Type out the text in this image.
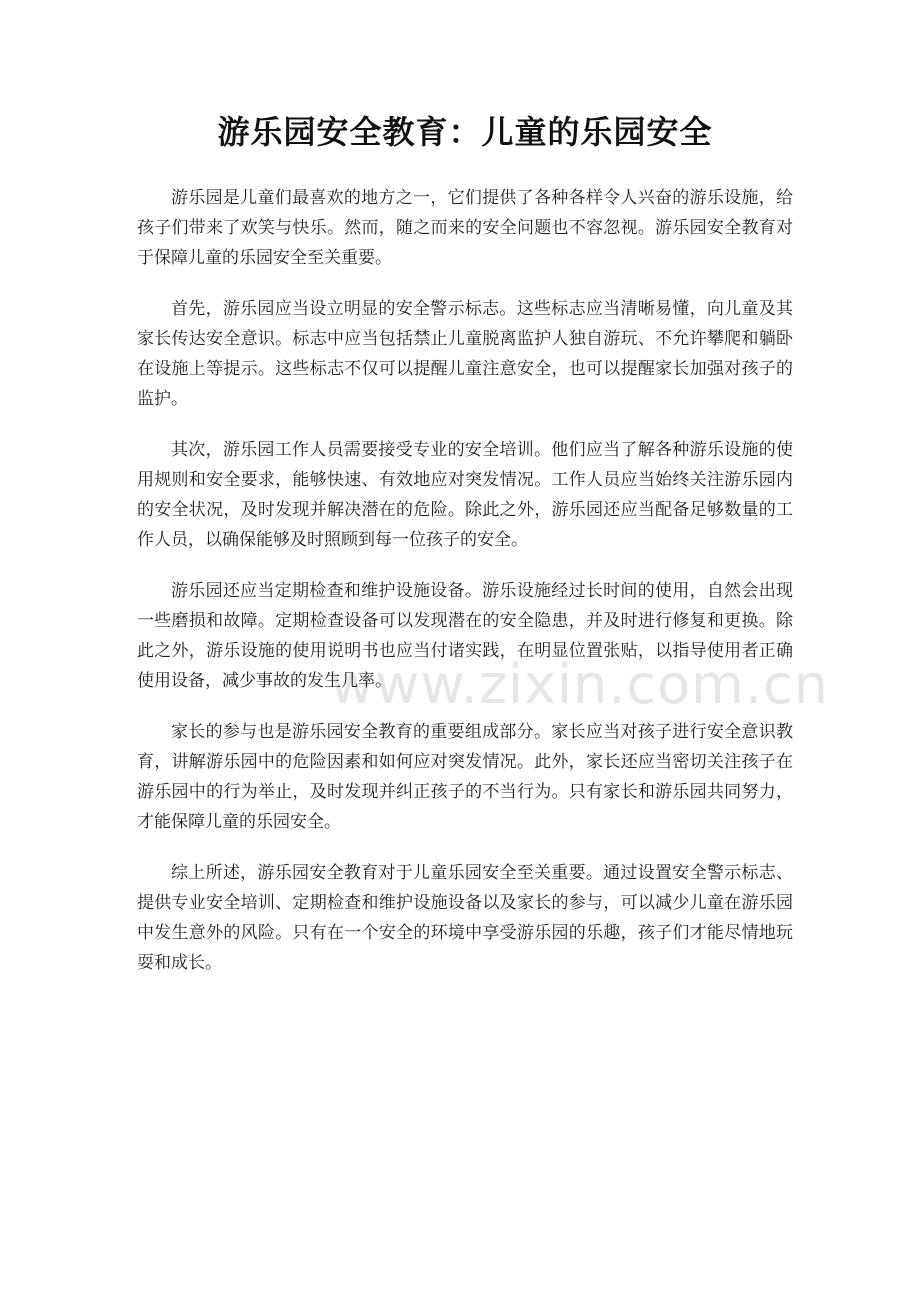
www.zixin.com.cn
游乐园安全教育：儿童的乐园安全

游乐园是儿童们最喜欢的地方之一，它们提供了各种各样令人兴奋的游乐设施，给孩子们带来了欢笑与快乐。然而，随之而来的安全问题也不容忽视。游乐园安全教育对于保障儿童的乐园安全至关重要。

首先，游乐园应当设立明显的安全警示标志。这些标志应当清晰易懂，向儿童及其家长传达安全意识。标志中应当包括禁止儿童脱离监护人独自游玩、不允许攀爬和躺卧在设施上等提示。这些标志不仅可以提醒儿童注意安全，也可以提醒家长加强对孩子的监护。

其次，游乐园工作人员需要接受专业的安全培训。他们应当了解各种游乐设施的使用规则和安全要求，能够快速、有效地应对突发情况。工作人员应当始终关注游乐园内的安全状况，及时发现并解决潜在的危险。除此之外，游乐园还应当配备足够数量的工作人员，以确保能够及时照顾到每一位孩子的安全。

游乐园还应当定期检查和维护设施设备。游乐设施经过长时间的使用，自然会出现一些磨损和故障。定期检查设备可以发现潜在的安全隐患，并及时进行修复和更换。除此之外，游乐设施的使用说明书也应当付诸实践，在明显位置张贴，以指导使用者正确使用设备，减少事故的发生几率。

家长的参与也是游乐园安全教育的重要组成部分。家长应当对孩子进行安全意识教育，讲解游乐园中的危险因素和如何应对突发情况。此外，家长还应当密切关注孩子在游乐园中的行为举止，及时发现并纠正孩子的不当行为。只有家长和游乐园共同努力，才能保障儿童的乐园安全。

综上所述，游乐园安全教育对于儿童乐园安全至关重要。通过设置安全警示标志、提供专业安全培训、定期检查和维护设施设备以及家长的参与，可以减少儿童在游乐园中发生意外的风险。只有在一个安全的环境中享受游乐园的乐趣，孩子们才能尽情地玩耍和成长。
